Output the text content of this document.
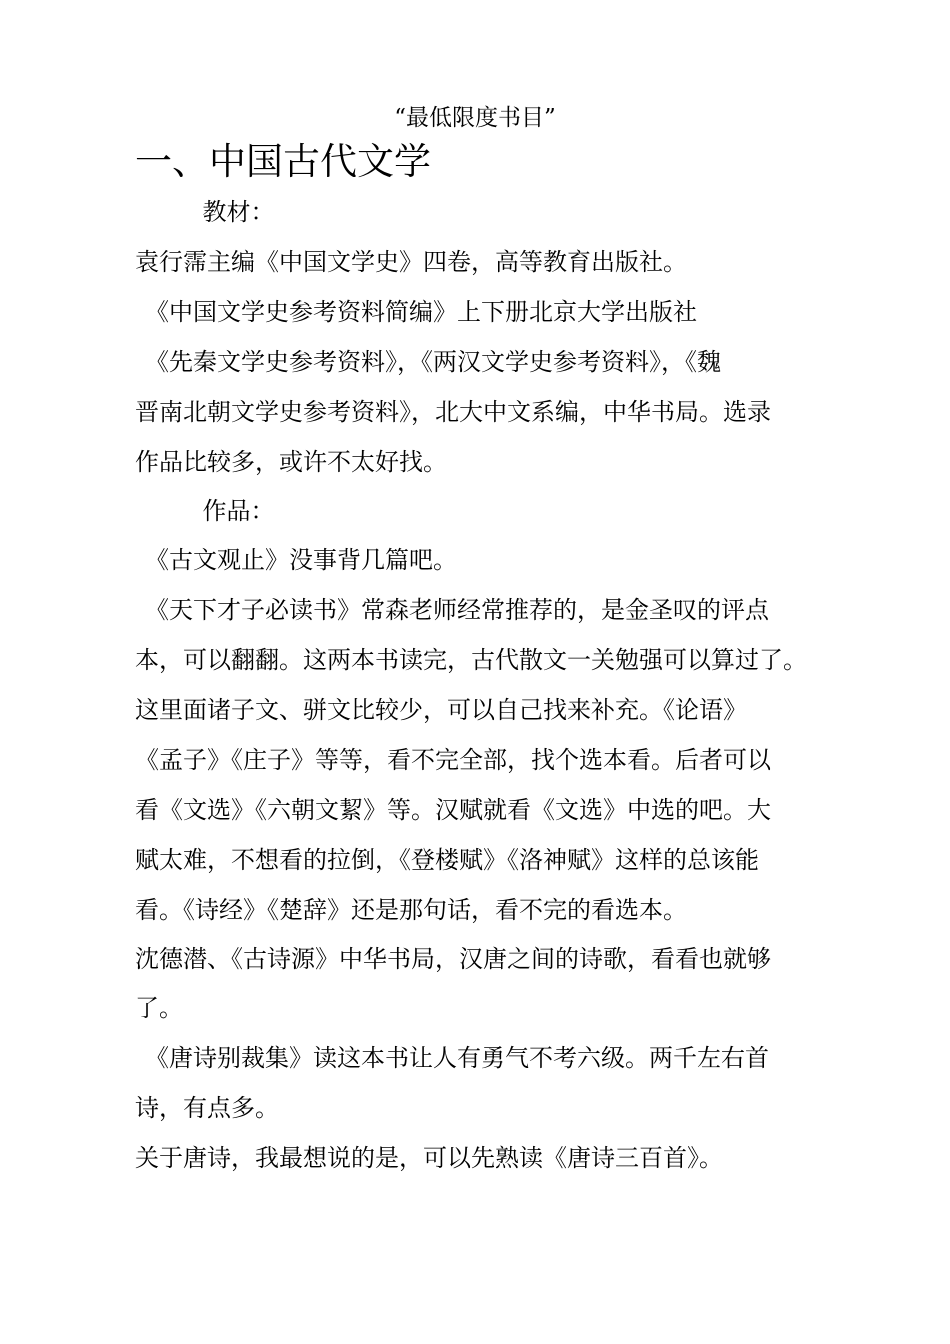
“最低限度书目”
一、中国古代文学
教材：
袁行霈主编《中国文学史》四卷，高等教育出版社。
《中国文学史参考资料简编》上下册北京大学出版社
《先秦文学史参考资料》，《两汉文学史参考资料》，《魏
晋南北朝文学史参考资料》，北大中文系编，中华书局。选录
作品比较多，或许不太好找。
作品：
《古文观止》没事背几篇吧。
《天下才子必读书》常森老师经常推荐的，是金圣叹的评点
本，可以翻翻。这两本书读完，古代散文一关勉强可以算过了。
这里面诸子文、骈文比较少，可以自己找来补充。《论语》
《孟子》《庄子》等等，看不完全部，找个选本看。后者可以
看《文选》《六朝文絜》等。汉赋就看《文选》中选的吧。大
赋太难，不想看的拉倒，《登楼赋》《洛神赋》这样的总该能
看。《诗经》《楚辞》还是那句话，看不完的看选本。
沈德潜、《古诗源》中华书局，汉唐之间的诗歌，看看也就够
了。
《唐诗别裁集》读这本书让人有勇气不考六级。两千左右首
诗，有点多。
关于唐诗，我最想说的是，可以先熟读《唐诗三百首》。
